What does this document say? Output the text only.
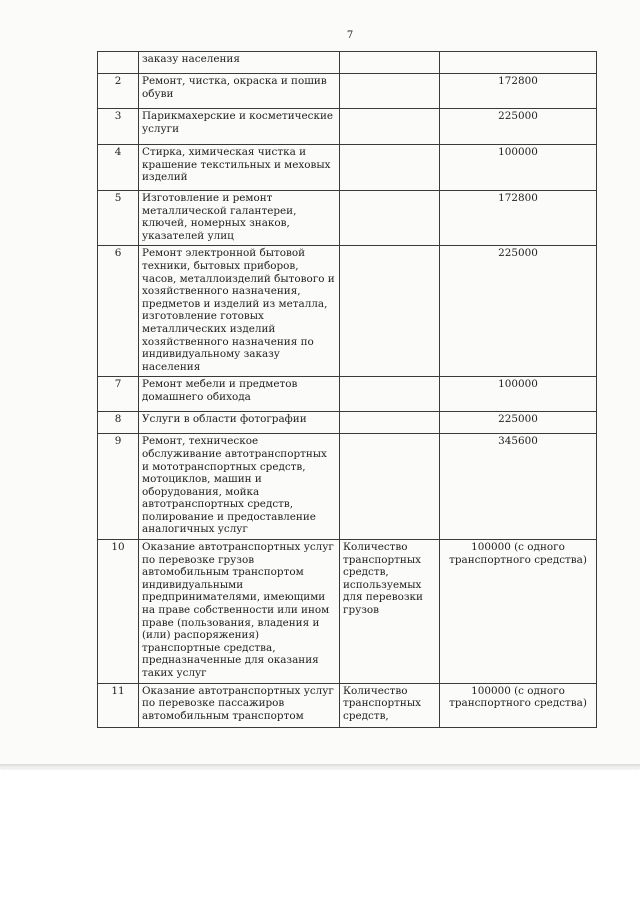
7
	заказу населения		
2	Ремонт, чистка, окраска и пошив обуви		172800
3	Парикмахерские и косметические услуги		225000
4	Стирка, химическая чистка и крашение текстильных и меховых изделий		100000
5	Изготовление и ремонт металлической галантереи, ключей, номерных знаков, указателей улиц		172800
6	Ремонт электронной бытовой техники, бытовых приборов, часов, металлоизделий бытового и хозяйственного назначения, предметов и изделий из металла, изготовление готовых металлических изделий хозяйственного назначения по индивидуальному заказу населения		225000
7	Ремонт мебели и предметов домашнего обихода		100000
8	Услуги в области фотографии		225000
9	Ремонт, техническое обслуживание автотранспортных и мототранспортных средств, мотоциклов, машин и оборудования, мойка автотранспортных средств, полирование и предоставление аналогичных услуг		345600
10	Оказание автотранспортных услуг по перевозке грузов автомобильным транспортом индивидуальными предпринимателями, имеющими на праве собственности или ином праве (пользования, владения и (или) распоряжения) транспортные средства, предназначенные для оказания таких услуг	Количество транспортных средств, используемых для перевозки грузов	100000 (с одного транспортного средства)
11	Оказание автотранспортных услуг по перевозке пассажиров автомобильным транспортом	Количество транспортных средств,	100000 (с одного транспортного средства)
